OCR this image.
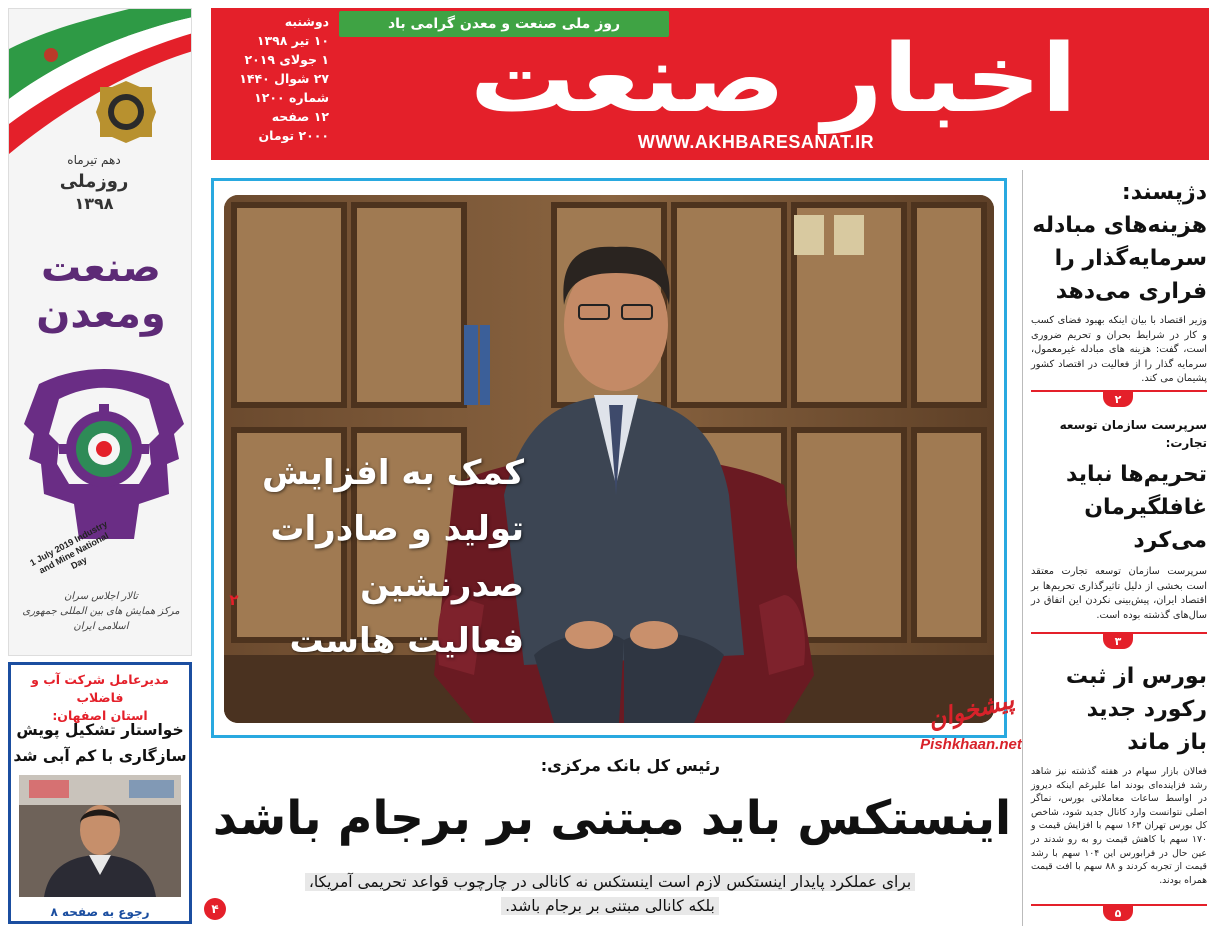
روز ملی صنعت و معدن گرامی باد
اخبار صنعت
WWW.AKHBARESANAT.IR
دوشنبه
۱۰ تیر ۱۳۹۸
۱ جولای ۲۰۱۹
۲۷ شوال ۱۴۴۰
شماره ۱۲۰۰
۱۲ صفحه
۲۰۰۰ تومان
دهم تیرماه
روزملی
۱۳۹۸
صنعت
ومعدن
1 July 2019 Industry and Mine National Day
تالار اجلاس سران
مرکز همایش های بین المللی جمهوری اسلامی ایران
مدیرعامل شرکت آب و فاضلاب
استان اصفهان:
خواستار تشکیل پویش
سازگاری با کم آبی شد
رجوع به صفحه ۸
کمک به افزایش
تولید و صادرات
صدرنشین
فعالیت هاست
۲
پیشخوان
Pishkhaan.net
رئیس کل بانک مرکزی:
اینستکس باید مبتنی بر برجام باشد
برای عملکرد پایدار اینستکس لازم است اینستکس نه کانالی در چارچوب قواعد تحریمی آمریکا،
بلکه کانالی مبتنی بر برجام باشد.
۴
دژپسند:
هزینه‌های مبادله
سرمایه‌گذار را
فراری می‌دهد
وزیر اقتصاد با بیان اینکه بهبود فضای کسب و کار در شرایط بحران و تحریم ضروری است، گفت: هزینه های مبادله غیرمعمول، سرمایه گذار را از فعالیت در اقتصاد کشور پشیمان می کند.
۲
سرپرست سازمان توسعه تجارت:
تحریم‌ها نباید
غافلگیرمان
می‌کرد
سرپرست سازمان توسعه تجارت معتقد است بخشی از دلیل تاثیرگذاری تحریم‌ها بر اقتصاد ایران، پیش‌بینی نکردن این اتفاق در سال‌های گذشته بوده است.
۳
بورس از ثبت
رکورد جدید
باز ماند
فعالان بازار سهام در هفته گذشته نیز شاهد رشد فزاینده‌ای بودند اما علیرغم اینکه دیروز در اواسط ساعات معاملاتی بورس، نماگر اصلی نتوانست وارد کانال جدید شود، شاخص کل بورس تهران ۱۶۳ سهم با افزایش قیمت و ۱۷۰ سهم با کاهش قیمت رو به رو شدند در عین حال در فرابورس این ۱۰۴ سهم با رشد قیمت از تجربه کردند و ۸۸ سهم با افت قیمت همراه بودند.
۵
